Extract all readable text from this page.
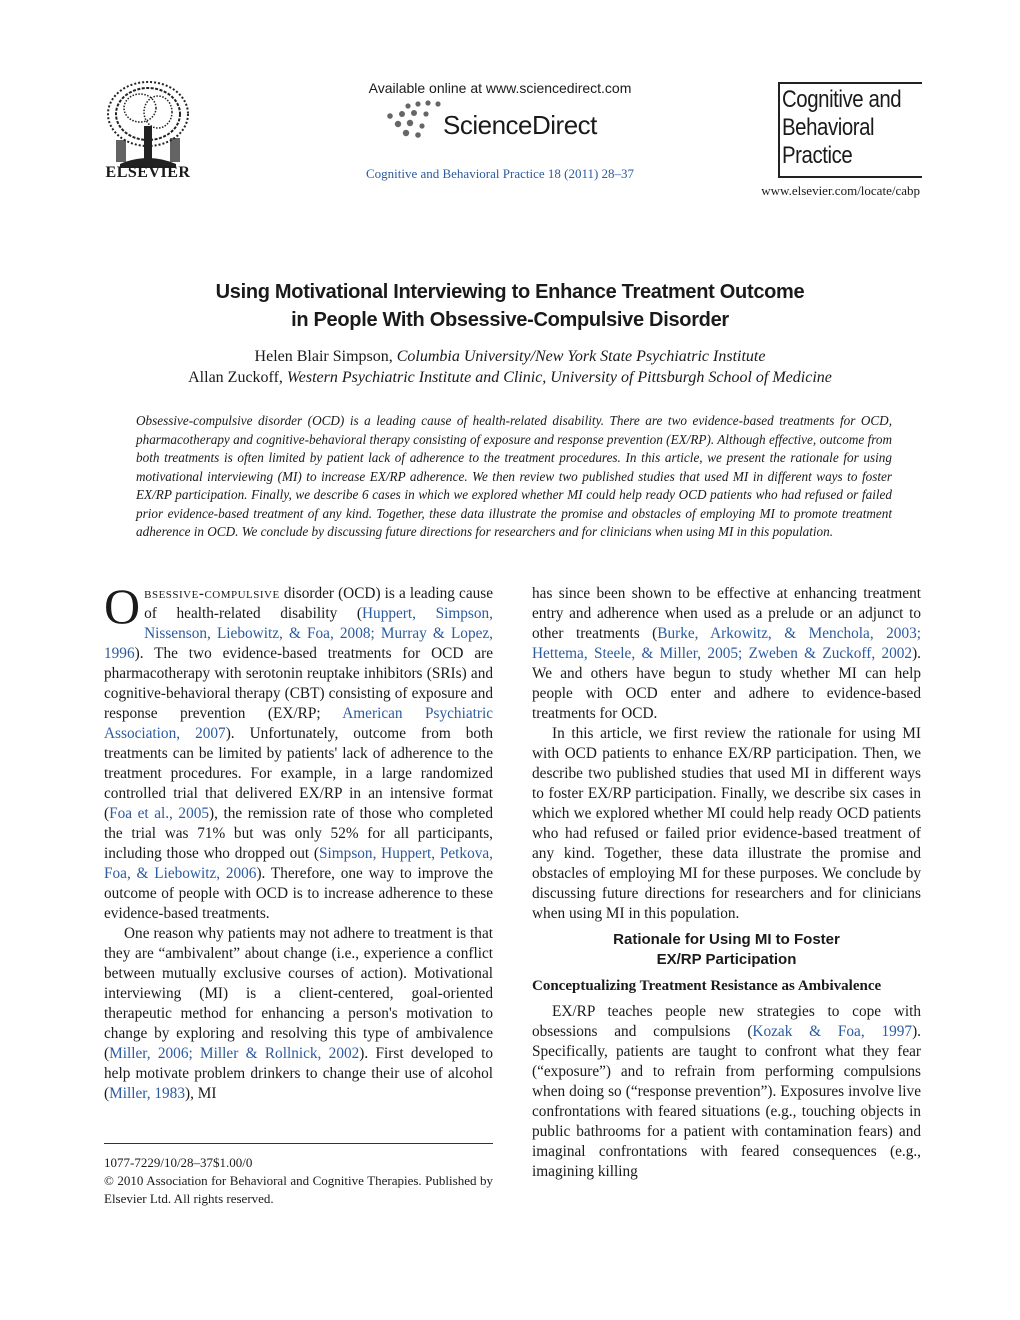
ELSEVIER
Available online at www.sciencedirect.com
ScienceDirect
Cognitive and Behavioral Practice 18 (2011) 28–37
Cognitive and
Behavioral
Practice
www.elsevier.com/locate/cabp
Using Motivational Interviewing to Enhance Treatment Outcome
in People With Obsessive-Compulsive Disorder
Helen Blair Simpson, Columbia University/New York State Psychiatric Institute
Allan Zuckoff, Western Psychiatric Institute and Clinic, University of Pittsburgh School of Medicine
Obsessive-compulsive disorder (OCD) is a leading cause of health-related disability. There are two evidence-based treatments for OCD, pharmacotherapy and cognitive-behavioral therapy consisting of exposure and response prevention (EX/RP). Although effective, outcome from both treatments is often limited by patient lack of adherence to the treatment procedures. In this article, we present the rationale for using motivational interviewing (MI) to increase EX/RP adherence. We then review two published studies that used MI in different ways to foster EX/RP participation. Finally, we describe 6 cases in which we explored whether MI could help ready OCD patients who had refused or failed prior evidence-based treatment of any kind. Together, these data illustrate the promise and obstacles of employing MI to promote treatment adherence in OCD. We conclude by discussing future directions for researchers and for clinicians when using MI in this population.

Obsessive-compulsive disorder (OCD) is a leading cause of health-related disability (Huppert, Simpson, Nissenson, Liebowitz, & Foa, 2008; Murray & Lopez, 1996). The two evidence-based treatments for OCD are pharmacotherapy with serotonin reuptake inhibitors (SRIs) and cognitive-behavioral therapy (CBT) consisting of exposure and response prevention (EX/RP; American Psychiatric Association, 2007). Unfortunately, outcome from both treatments can be limited by patients' lack of adherence to the treatment procedures. For example, in a large randomized controlled trial that delivered EX/RP in an intensive format (Foa et al., 2005), the remission rate of those who completed the trial was 71% but was only 52% for all participants, including those who dropped out (Simpson, Huppert, Petkova, Foa, & Liebowitz, 2006). Therefore, one way to improve the outcome of people with OCD is to increase adherence to these evidence-based treatments.

One reason why patients may not adhere to treatment is that they are “ambivalent” about change (i.e., experience a conflict between mutually exclusive courses of action). Motivational interviewing (MI) is a client-centered, goal-oriented therapeutic method for enhancing a person's motivation to change by exploring and resolving this type of ambivalence (Miller, 2006; Miller & Rollnick, 2002). First developed to help motivate problem drinkers to change their use of alcohol (Miller, 1983), MI

has since been shown to be effective at enhancing treatment entry and adherence when used as a prelude or an adjunct to other treatments (Burke, Arkowitz, & Menchola, 2003; Hettema, Steele, & Miller, 2005; Zweben & Zuckoff, 2002). We and others have begun to study whether MI can help people with OCD enter and adhere to evidence-based treatments for OCD.

In this article, we first review the rationale for using MI with OCD patients to enhance EX/RP participation. Then, we describe two published studies that used MI in different ways to foster EX/RP participation. Finally, we describe six cases in which we explored whether MI could help ready OCD patients who had refused or failed prior evidence-based treatment of any kind. Together, these data illustrate the promise and obstacles of employing MI for these purposes. We conclude by discussing future directions for researchers and for clinicians when using MI in this population.

Rationale for Using MI to Foster
EX/RP Participation
Conceptualizing Treatment Resistance as Ambivalence

EX/RP teaches people new strategies to cope with obsessions and compulsions (Kozak & Foa, 1997). Specifically, patients are taught to confront what they fear (“exposure”) and to refrain from performing compulsions when doing so (“response prevention”). Exposures involve live confrontations with feared situations (e.g., touching objects in public bathrooms for a patient with contamination fears) and imaginal confrontations with feared consequences (e.g., imagining killing

1077-7229/10/28–37$1.00/0
© 2010 Association for Behavioral and Cognitive Therapies. Published by Elsevier Ltd. All rights reserved.
